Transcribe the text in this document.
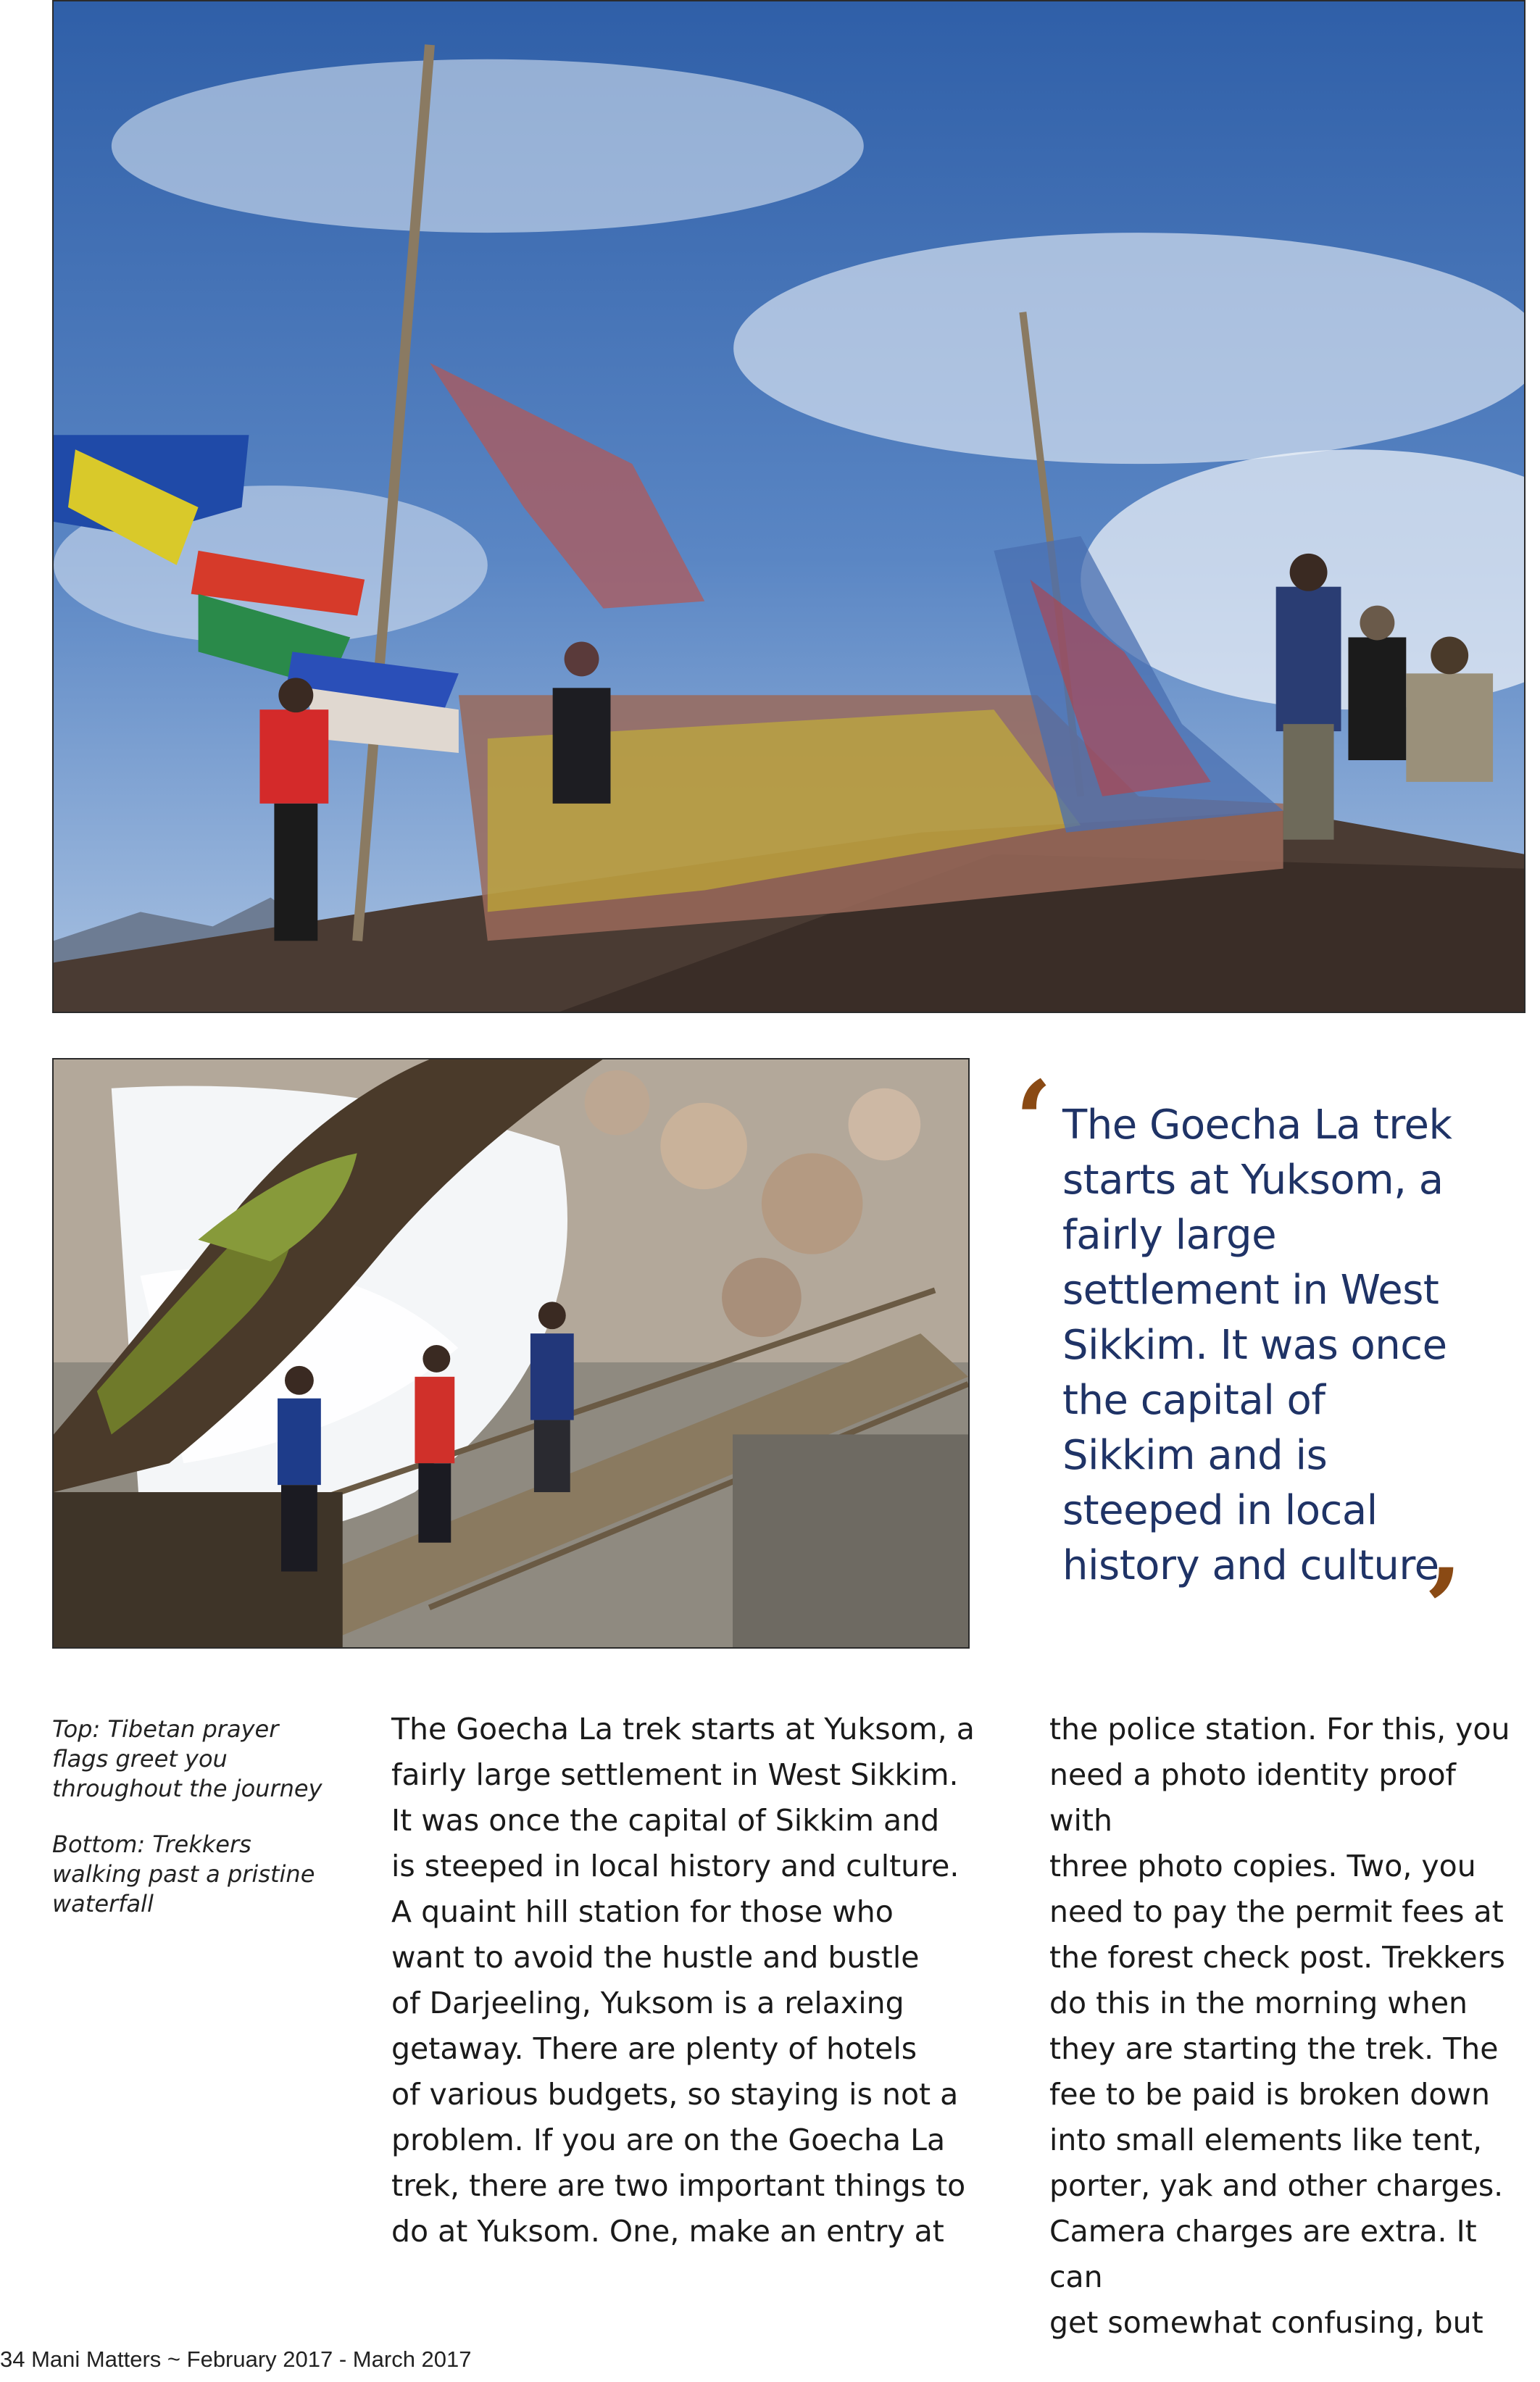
‘ The Goecha La trek starts at Yuksom, a fairly large settlement in West Sikkim. It was once the capital of Sikkim and is steeped in local history and culture
’
Top: Tibetan prayer flags greet you throughout the journey
Bottom: Trekkers walking past a pristine waterfall
The Goecha La trek starts at Yuksom, a
fairly large settlement in West Sikkim.
It was once the capital of Sikkim and
is steeped in local history and culture.
A quaint hill station for those who
want to avoid the hustle and bustle
of Darjeeling, Yuksom is a relaxing
getaway. There are plenty of hotels
of various budgets, so staying is not a
problem. If you are on the Goecha La
trek, there are two important things to
do at Yuksom. One, make an entry at
the police station. For this, you
need a photo identity proof with
three photo copies. Two, you
need to pay the permit fees at
the forest check post. Trekkers
do this in the morning when
they are starting the trek. The
fee to be paid is broken down
into small elements like tent,
porter, yak and other charges.
Camera charges are extra. It can
get somewhat confusing, but
34 Mani Matters ~ February 2017 - March 2017
